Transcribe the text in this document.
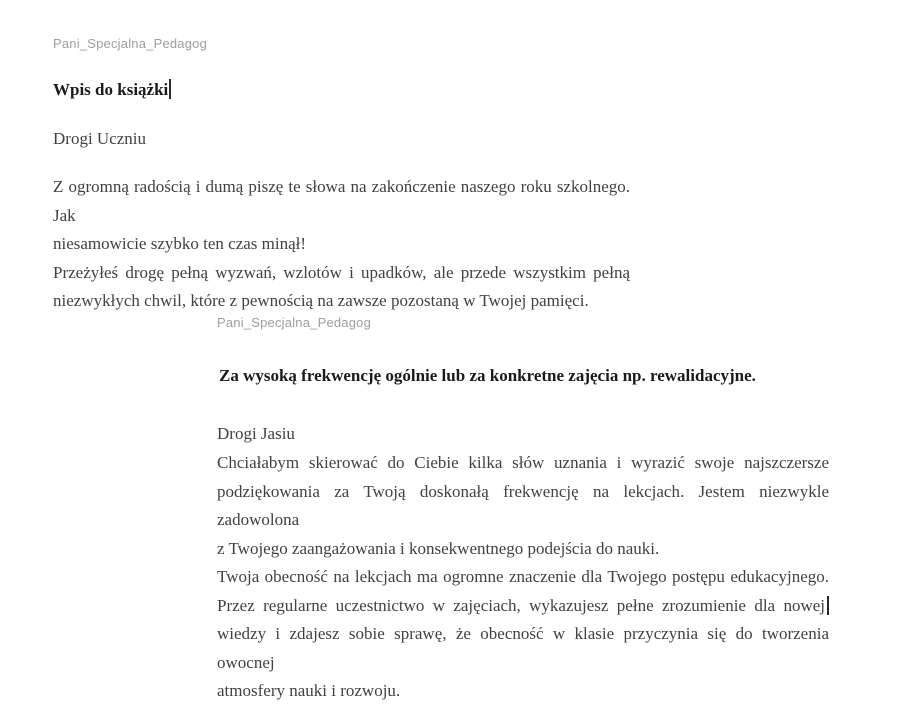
Pani_Specjalna_Pedagog
Wpis do książki
Drogi Uczniu
Z ogromną radością i dumą piszę te słowa na zakończenie naszego roku szkolnego. Jak
niesamowicie szybko ten czas minął!
Przeżyłeś drogę pełną wyzwań, wzlotów i upadków, ale przede wszystkim pełną
niezwykłych chwil, które z pewnością na zawsze pozostaną w Twojej pamięci.
Pani_Specjalna_Pedagog
Za wysoką frekwencję ogólnie lub za konkretne zajęcia np. rewalidacyjne.
Drogi Jasiu
Chciałabym skierować do Ciebie kilka słów uznania i wyrazić swoje najszczersze
podziękowania za Twoją doskonałą frekwencję na lekcjach. Jestem niezwykle zadowolona
z Twojego zaangażowania i konsekwentnego podejścia do nauki.
Twoja obecność na lekcjach ma ogromne znaczenie dla Twojego postępu edukacyjnego.
Przez regularne uczestnictwo w zajęciach, wykazujesz pełne zrozumienie dla nowej
wiedzy i zdajesz sobie sprawę, że obecność w klasie przyczynia się do tworzenia owocnej
atmosfery nauki i rozwoju.
